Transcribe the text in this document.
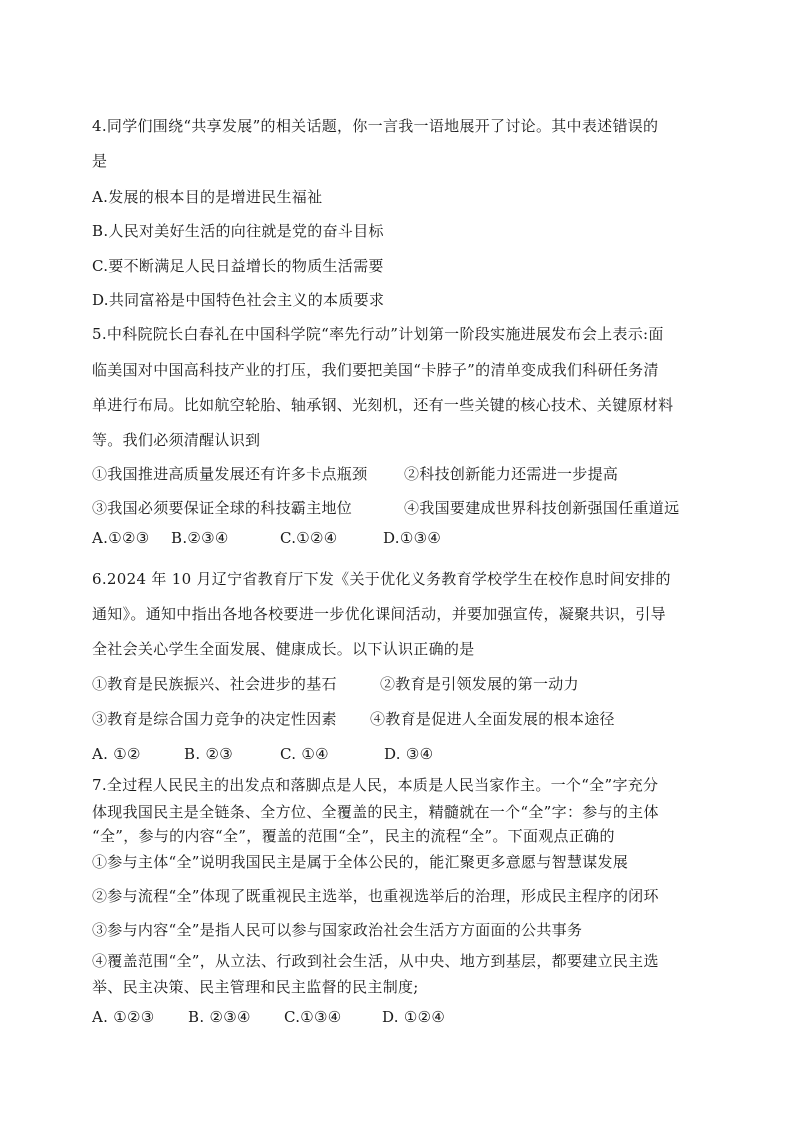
4.同学们围绕“共享发展”的相关话题，你一言我一语地展开了讨论。其中表述错误的
是
A.发展的根本目的是增进民生福祉
B.人民对美好生活的向往就是党的奋斗目标
C.要不断满足人民日益增长的物质生活需要
D.共同富裕是中国特色社会主义的本质要求
5.中科院院长白春礼在中国科学院“率先行动”计划第一阶段实施进展发布会上表示:面
临美国对中国高科技产业的打压，我们要把美国“卡脖子”的清单变成我们科研任务清
单进行布局。比如航空轮胎、轴承钢、光刻机，还有一些关键的核心技术、关键原材料
等。我们必须清醒认识到
①我国推进高质量发展还有许多卡点瓶颈 ②科技创新能力还需进一步提高
③我国必须要保证全球的科技霸主地位	④我国要建成世界科技创新强国任重道远
A.①②③ B.②③④	C.①②④	D.①③④
6.2024 年 10 月辽宁省教育厅下发《关于优化义务教育学校学生在校作息时间安排的
通知》。通知中指出各地各校要进一步优化课间活动，并要加强宣传，凝聚共识，引导
全社会关心学生全面发展、健康成长。以下认识正确的是
①教育是民族振兴、社会进步的基石	②教育是引领发展的第一动力
③教育是综合国力竞争的决定性因素 ④教育是促进人全面发展的根本途径
A. ①②	B. ②③	C. ①④	D. ③④
7.全过程人民民主的出发点和落脚点是人民，本质是人民当家作主。一个“全”字充分
体现我国民主是全链条、全方位、全覆盖的民主，精髓就在一个“全”字：参与的主体
“全”，参与的内容“全”，覆盖的范围“全”，民主的流程“全”。下面观点正确的
①参与主体“全”说明我国民主是属于全体公民的，能汇聚更多意愿与智慧谋发展
②参与流程“全”体现了既重视民主选举，也重视选举后的治理，形成民主程序的闭环
③参与内容“全”是指人民可以参与国家政治社会生活方方面面的公共事务
④覆盖范围“全”，从立法、行政到社会生活，从中央、地方到基层，都要建立民主选
举、民主决策、民主管理和民主监督的民主制度;
A. ①②③ B. ②③④ C.①③④	D. ①②④
